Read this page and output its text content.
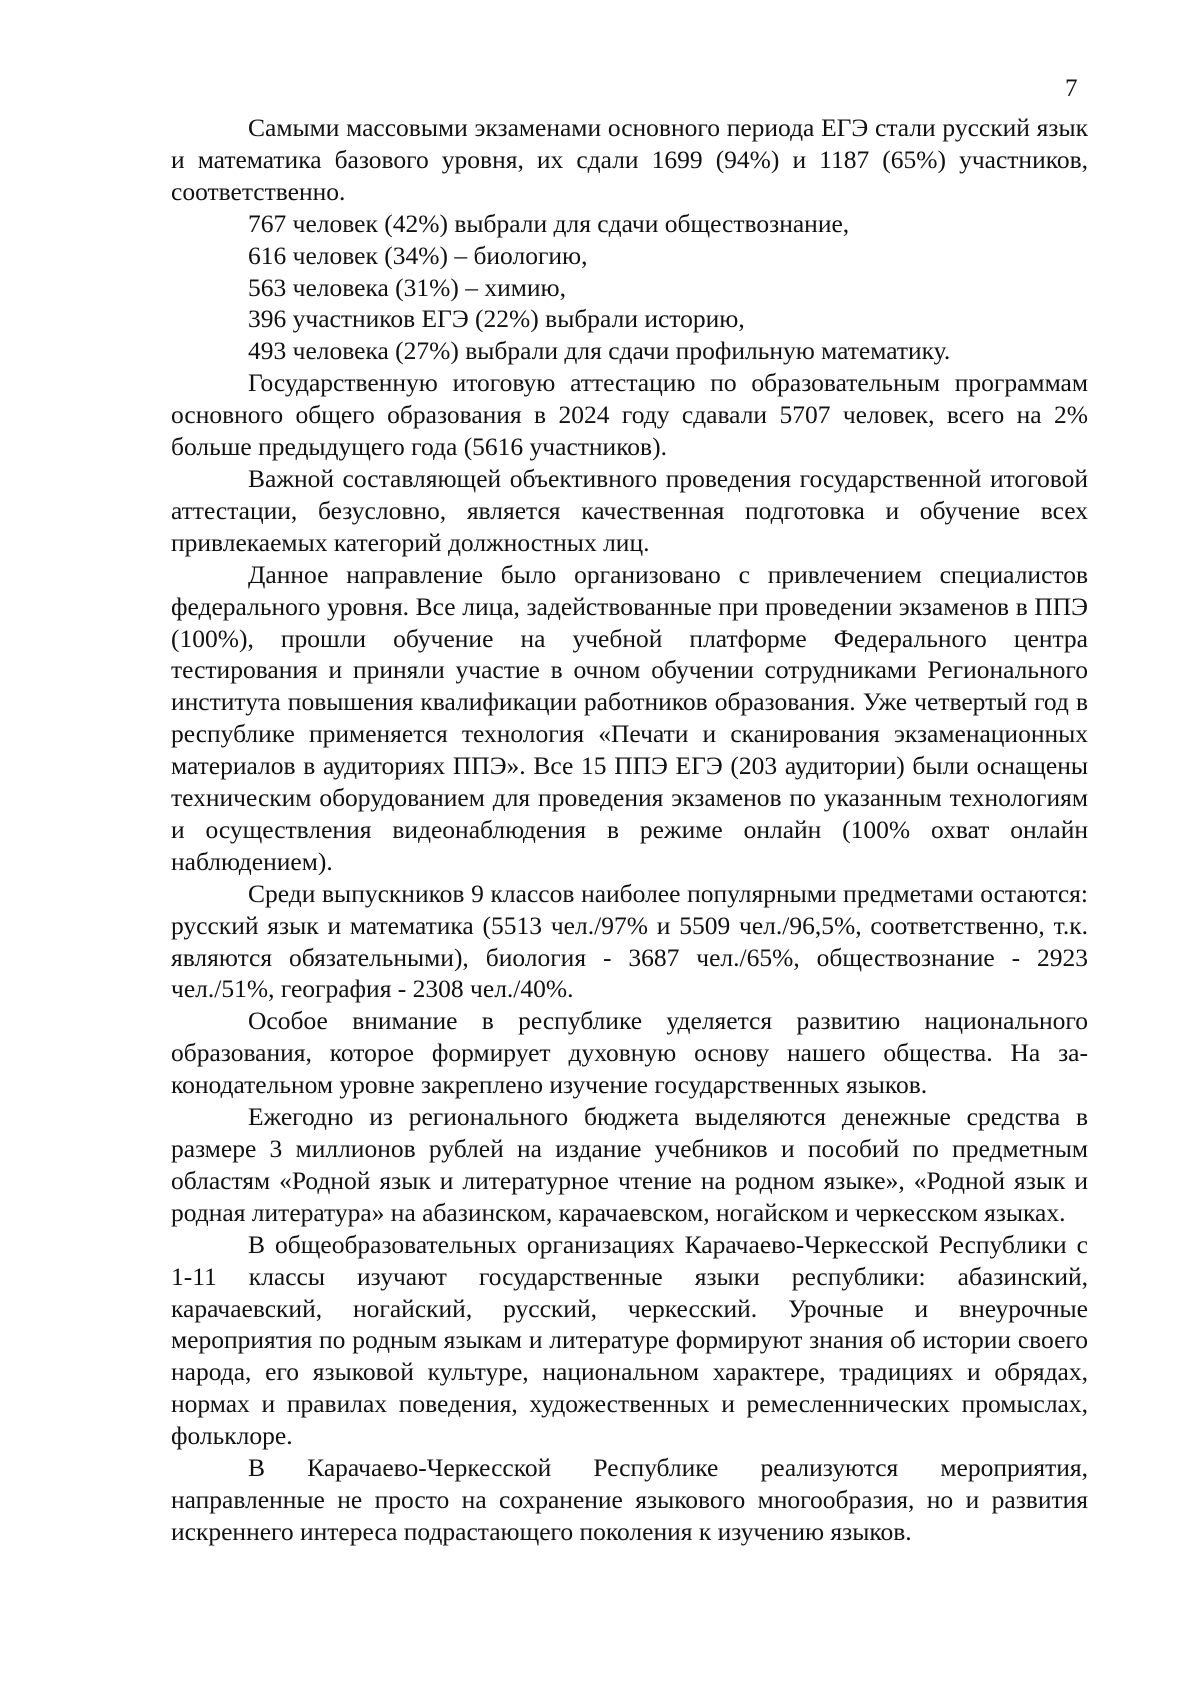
7

Самыми массовыми экзаменами основного периода ЕГЭ стали русский язык и математика базового уровня, их сдали 1699 (94%) и 1187 (65%) участников, соответственно.

767 человек (42%) выбрали для сдачи обществознание,

616 человек (34%) – биологию,

563 человека (31%) – химию,

396 участников ЕГЭ (22%) выбрали историю,

493 человека (27%) выбрали для сдачи профильную математику.

Государственную итоговую аттестацию по образовательным программам основного общего образования в 2024 году сдавали 5707 человек, всего на 2% больше предыдущего года (5616 участников).

Важной составляющей объективного проведения государственной итоговой аттестации, безусловно, является качественная подготовка и обучение всех привлекаемых категорий должностных лиц.

Данное направление было организовано с привлечением специалистов федерального уровня. Все лица, задействованные при проведении экзаменов в ППЭ (100%), прошли обучение на учебной платформе Федерального центра тестирования и приняли участие в очном обучении сотрудниками Регионального института повышения квалификации работников образования. Уже четвертый год в республике применяется технология «Печати и сканирования экзаменационных материалов в аудиториях ППЭ». Все 15 ППЭ ЕГЭ (203 аудитории) были оснащены техническим оборудованием для проведения экзаменов по указанным технологиям и осуществления видеонаблюдения в режиме онлайн (100% охват онлайн наблюдением).

Среди выпускников 9 классов наиболее популярными предметами остаются: русский язык и математика (5513 чел./97% и 5509 чел./96,5%, соответственно, т.к. являются обязательными), биология - 3687 чел./65%, обществознание - 2923 чел./51%, география - 2308 чел./40%.

Особое внимание в республике уделяется развитию национального образования, которое формирует духовную основу нашего общества. На законодательном уровне закреплено изучение государственных языков.

Ежегодно из регионального бюджета выделяются денежные средства в размере 3 миллионов рублей на издание учебников и пособий по предметным областям «Родной язык и литературное чтение на родном языке», «Родной язык и родная литература» на абазинском, карачаевском, ногайском и черкесском языках.

В общеобразовательных организациях Карачаево-Черкесской Республики с 1-11 классы изучают государственные языки республики: абазинский, карачаевский, ногайский, русский, черкесский. Урочные и внеурочные мероприятия по родным языкам и литературе формируют знания об истории своего народа, его языковой культуре, национальном характере, традициях и обрядах, нормах и правилах поведения, художественных и ремесленнических промыслах, фольклоре.

В Карачаево-Черкесской Республике реализуются мероприятия, направленные не просто на сохранение языкового многообразия, но и развития искреннего интереса подрастающего поколения к изучению языков.
